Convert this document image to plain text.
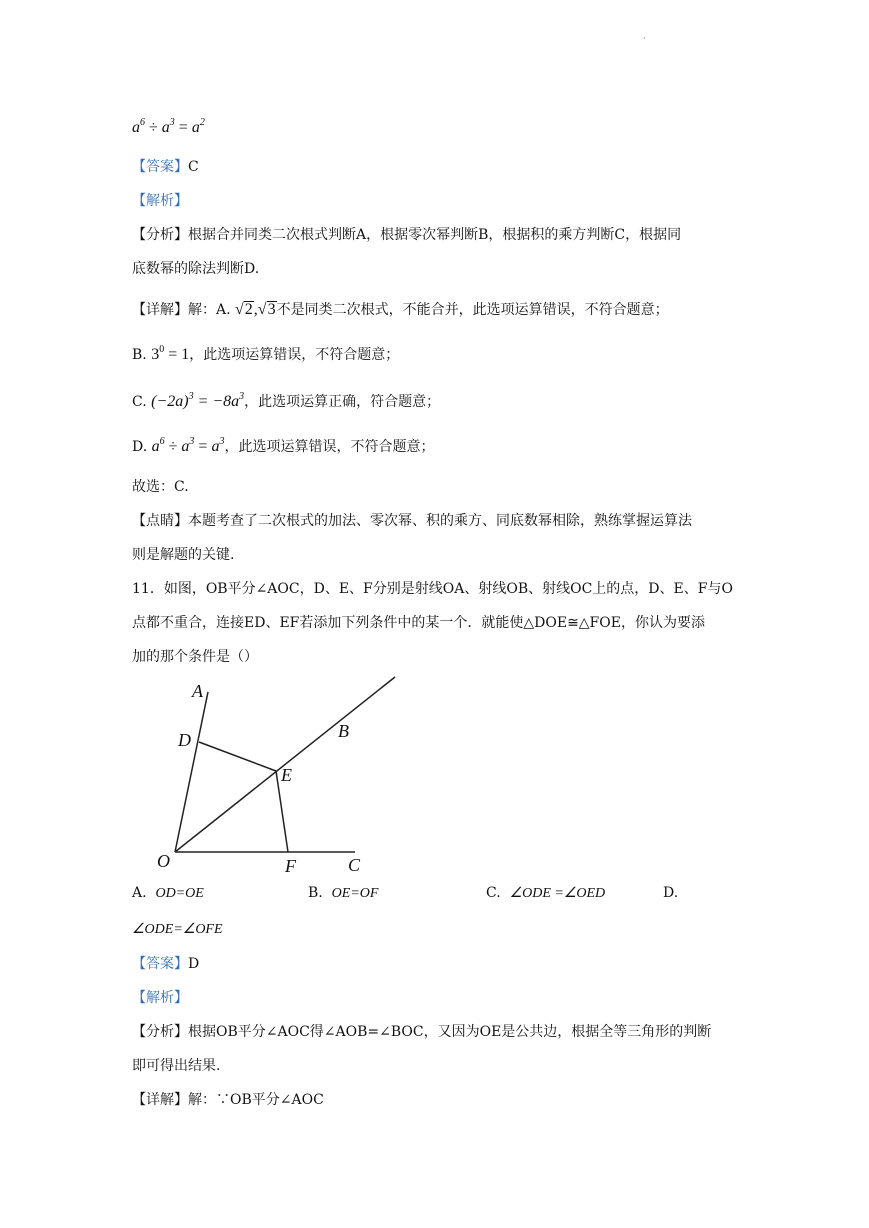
·
$a^6 \div a^3 = a^2$
【答案】C
【解析】
【分析】根据合并同类二次根式判断A，根据零次幂判断B，根据积的乘方判断C，根据同
底数幂的除法判断D.
【详解】解：A. √2,√3不是同类二次根式，不能合并，此选项运算错误，不符合题意；
B. $3^0 = 1$，此选项运算错误，不符合题意；
C. $(-2a)^3 = -8a^3$，此选项运算正确，符合题意；
D. $a^6 \div a^3 = a^3$，此选项运算错误，不符合题意；
故选：C.
【点睛】本题考查了二次根式的加法、零次幂、积的乘方、同底数幂相除，熟练掌握运算法
则是解题的关键.
11．如图，OB平分∠AOC，D、E、F分别是射线OA、射线OB、射线OC上的点，D、E、F与O
点都不重合，连接ED、EF若添加下列条件中的某一个．就能使△DOE≅△FOE，你认为要添
加的那个条件是（）
A
B
C
D
E
F
O
A. OD=OE	B. OE=OF	C. ∠ODE =∠OED	D.
∠ODE=∠OFE
【答案】D
【解析】
【分析】根据OB平分∠AOC得∠AOB=∠BOC，又因为OE是公共边，根据全等三角形的判断
即可得出结果.
【详解】解：∵OB平分∠AOC
